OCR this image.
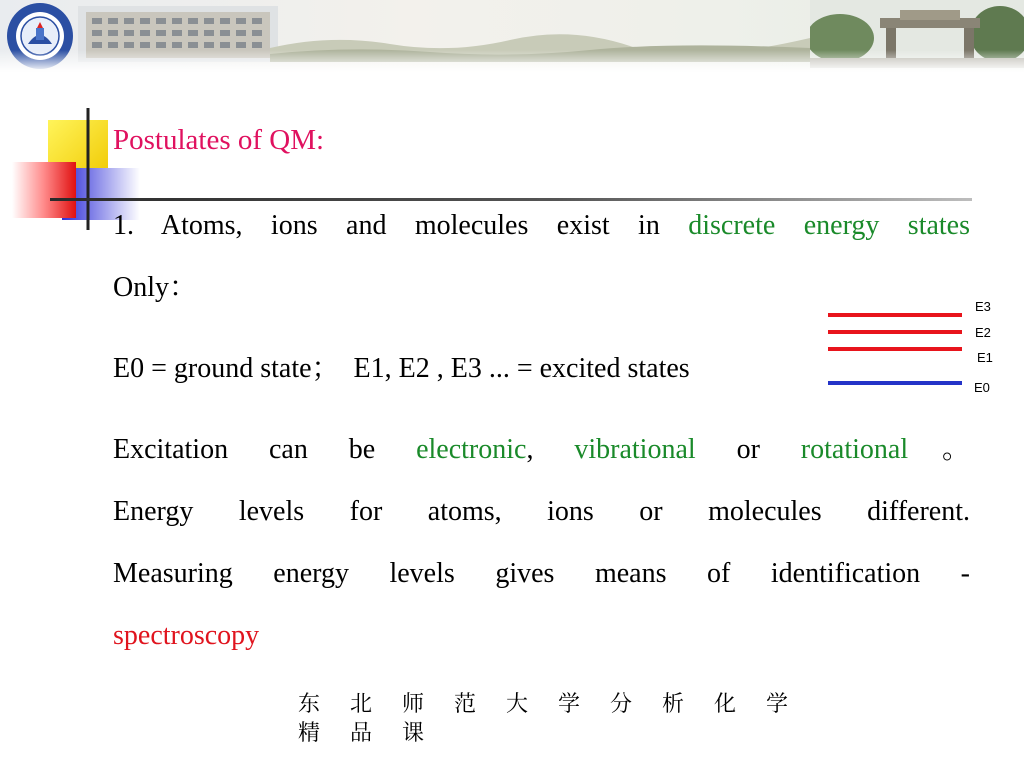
Postulates of QM:
1. Atoms, ions and molecules exist in discrete energy states
Only：
E0 = ground state；  E1, E2 , E3 ... = excited states
E3
E2
E1
E0
Excitation can be electronic, vibrational or rotational。
Energy levels for atoms, ions or molecules different.
Measuring energy levels gives means of identification -
spectroscopy
东北师范大学分析化学
精品课
